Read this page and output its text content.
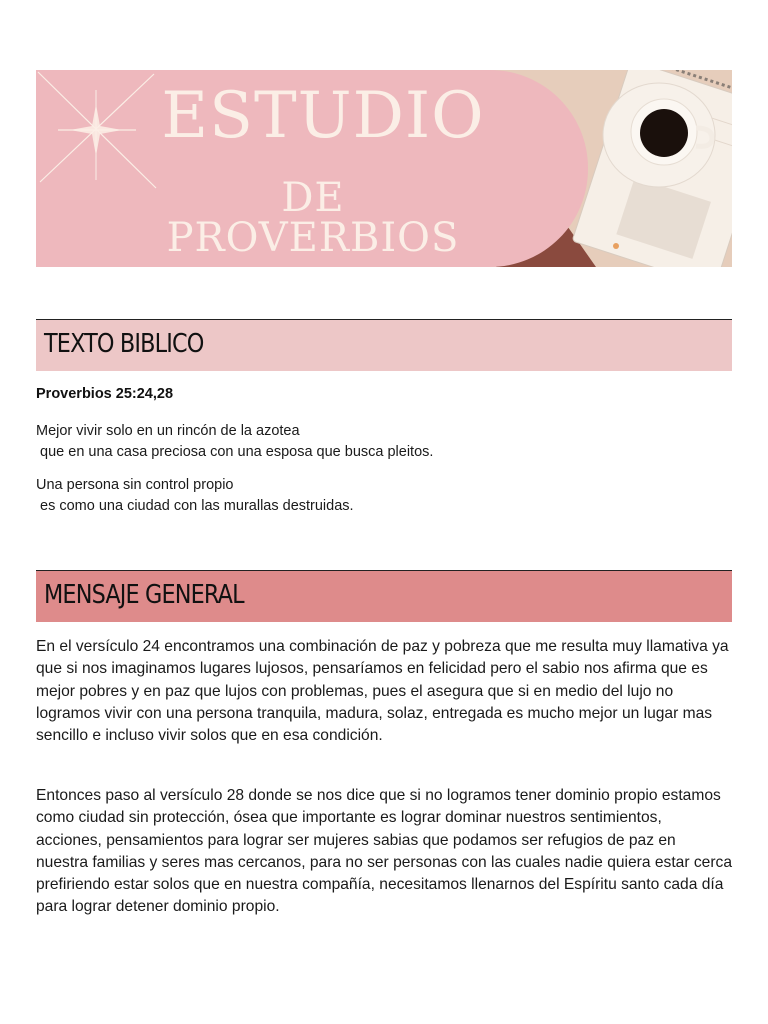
ESTUDIO
DE PROVERBIOS
TEXTO BIBLICO
Proverbios 25:24,28
Mejor vivir solo en un rincón de la azotea
que en una casa preciosa con una esposa que busca pleitos.
Una persona sin control propio
es como una ciudad con las murallas destruidas.
MENSAJE GENERAL
En el versículo 24 encontramos una combinación de paz y pobreza que me resulta muy llamativa ya que si nos imaginamos lugares lujosos, pensaríamos en felicidad pero el sabio nos afirma que es mejor pobres y en paz que lujos con problemas, pues el asegura que si en medio del lujo no logramos vivir con una persona tranquila, madura, solaz, entregada es mucho mejor un lugar mas sencillo e incluso vivir solos que en esa condición.
Entonces paso al versículo 28 donde se nos dice que si no logramos tener dominio propio estamos como ciudad sin protección, ósea que importante es lograr dominar nuestros sentimientos, acciones, pensamientos para lograr ser mujeres sabias que podamos ser refugios de paz en nuestra familias y seres mas cercanos, para no ser personas con las cuales nadie quiera estar cerca prefiriendo estar solos que en nuestra compañía, necesitamos llenarnos del Espíritu santo cada día para lograr detener dominio propio.
